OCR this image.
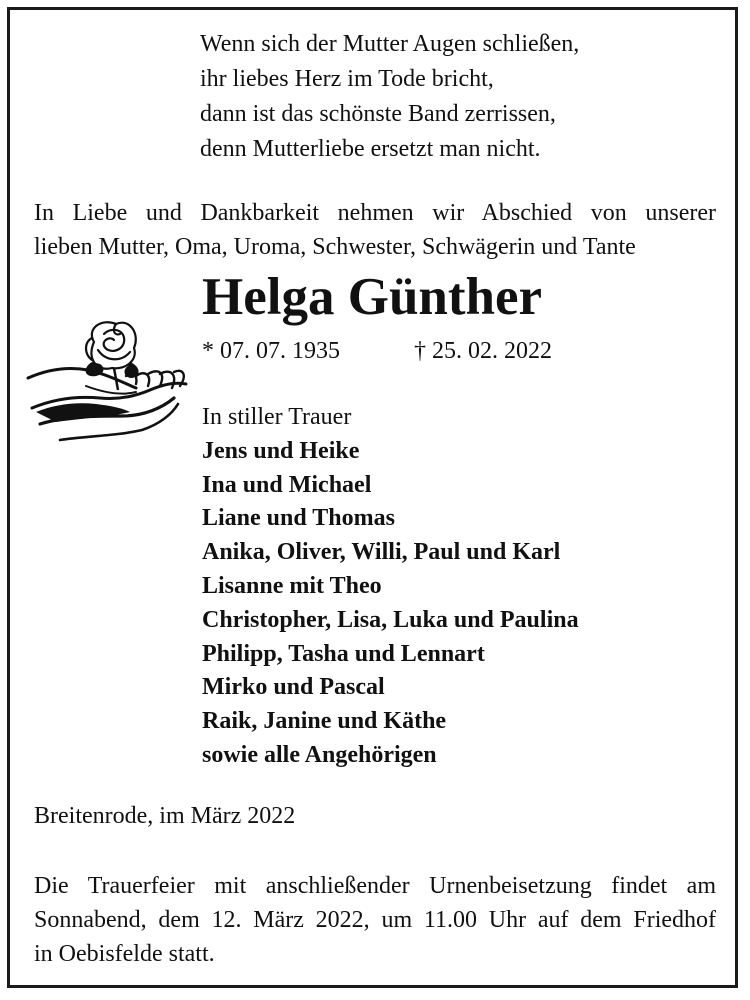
Wenn sich der Mutter Augen schließen,
ihr liebes Herz im Tode bricht,
dann ist das schönste Band zerrissen,
denn Mutterliebe ersetzt man nicht.
In Liebe und Dankbarkeit nehmen wir Abschied von unserer
lieben Mutter, Oma, Uroma, Schwester, Schwägerin und Tante
Helga Günther
* 07. 07. 1935	† 25. 02. 2022
In stiller Trauer
Jens und Heike
Ina und Michael
Liane und Thomas
Anika, Oliver, Willi, Paul und Karl
Lisanne mit Theo
Christopher, Lisa, Luka und Paulina
Philipp, Tasha und Lennart
Mirko und Pascal
Raik, Janine und Käthe
sowie alle Angehörigen
Breitenrode, im März 2022
Die Trauerfeier mit anschließender Urnenbeisetzung findet am
Sonnabend, dem 12. März 2022, um 11.00 Uhr auf dem Friedhof
in Oebisfelde statt.
